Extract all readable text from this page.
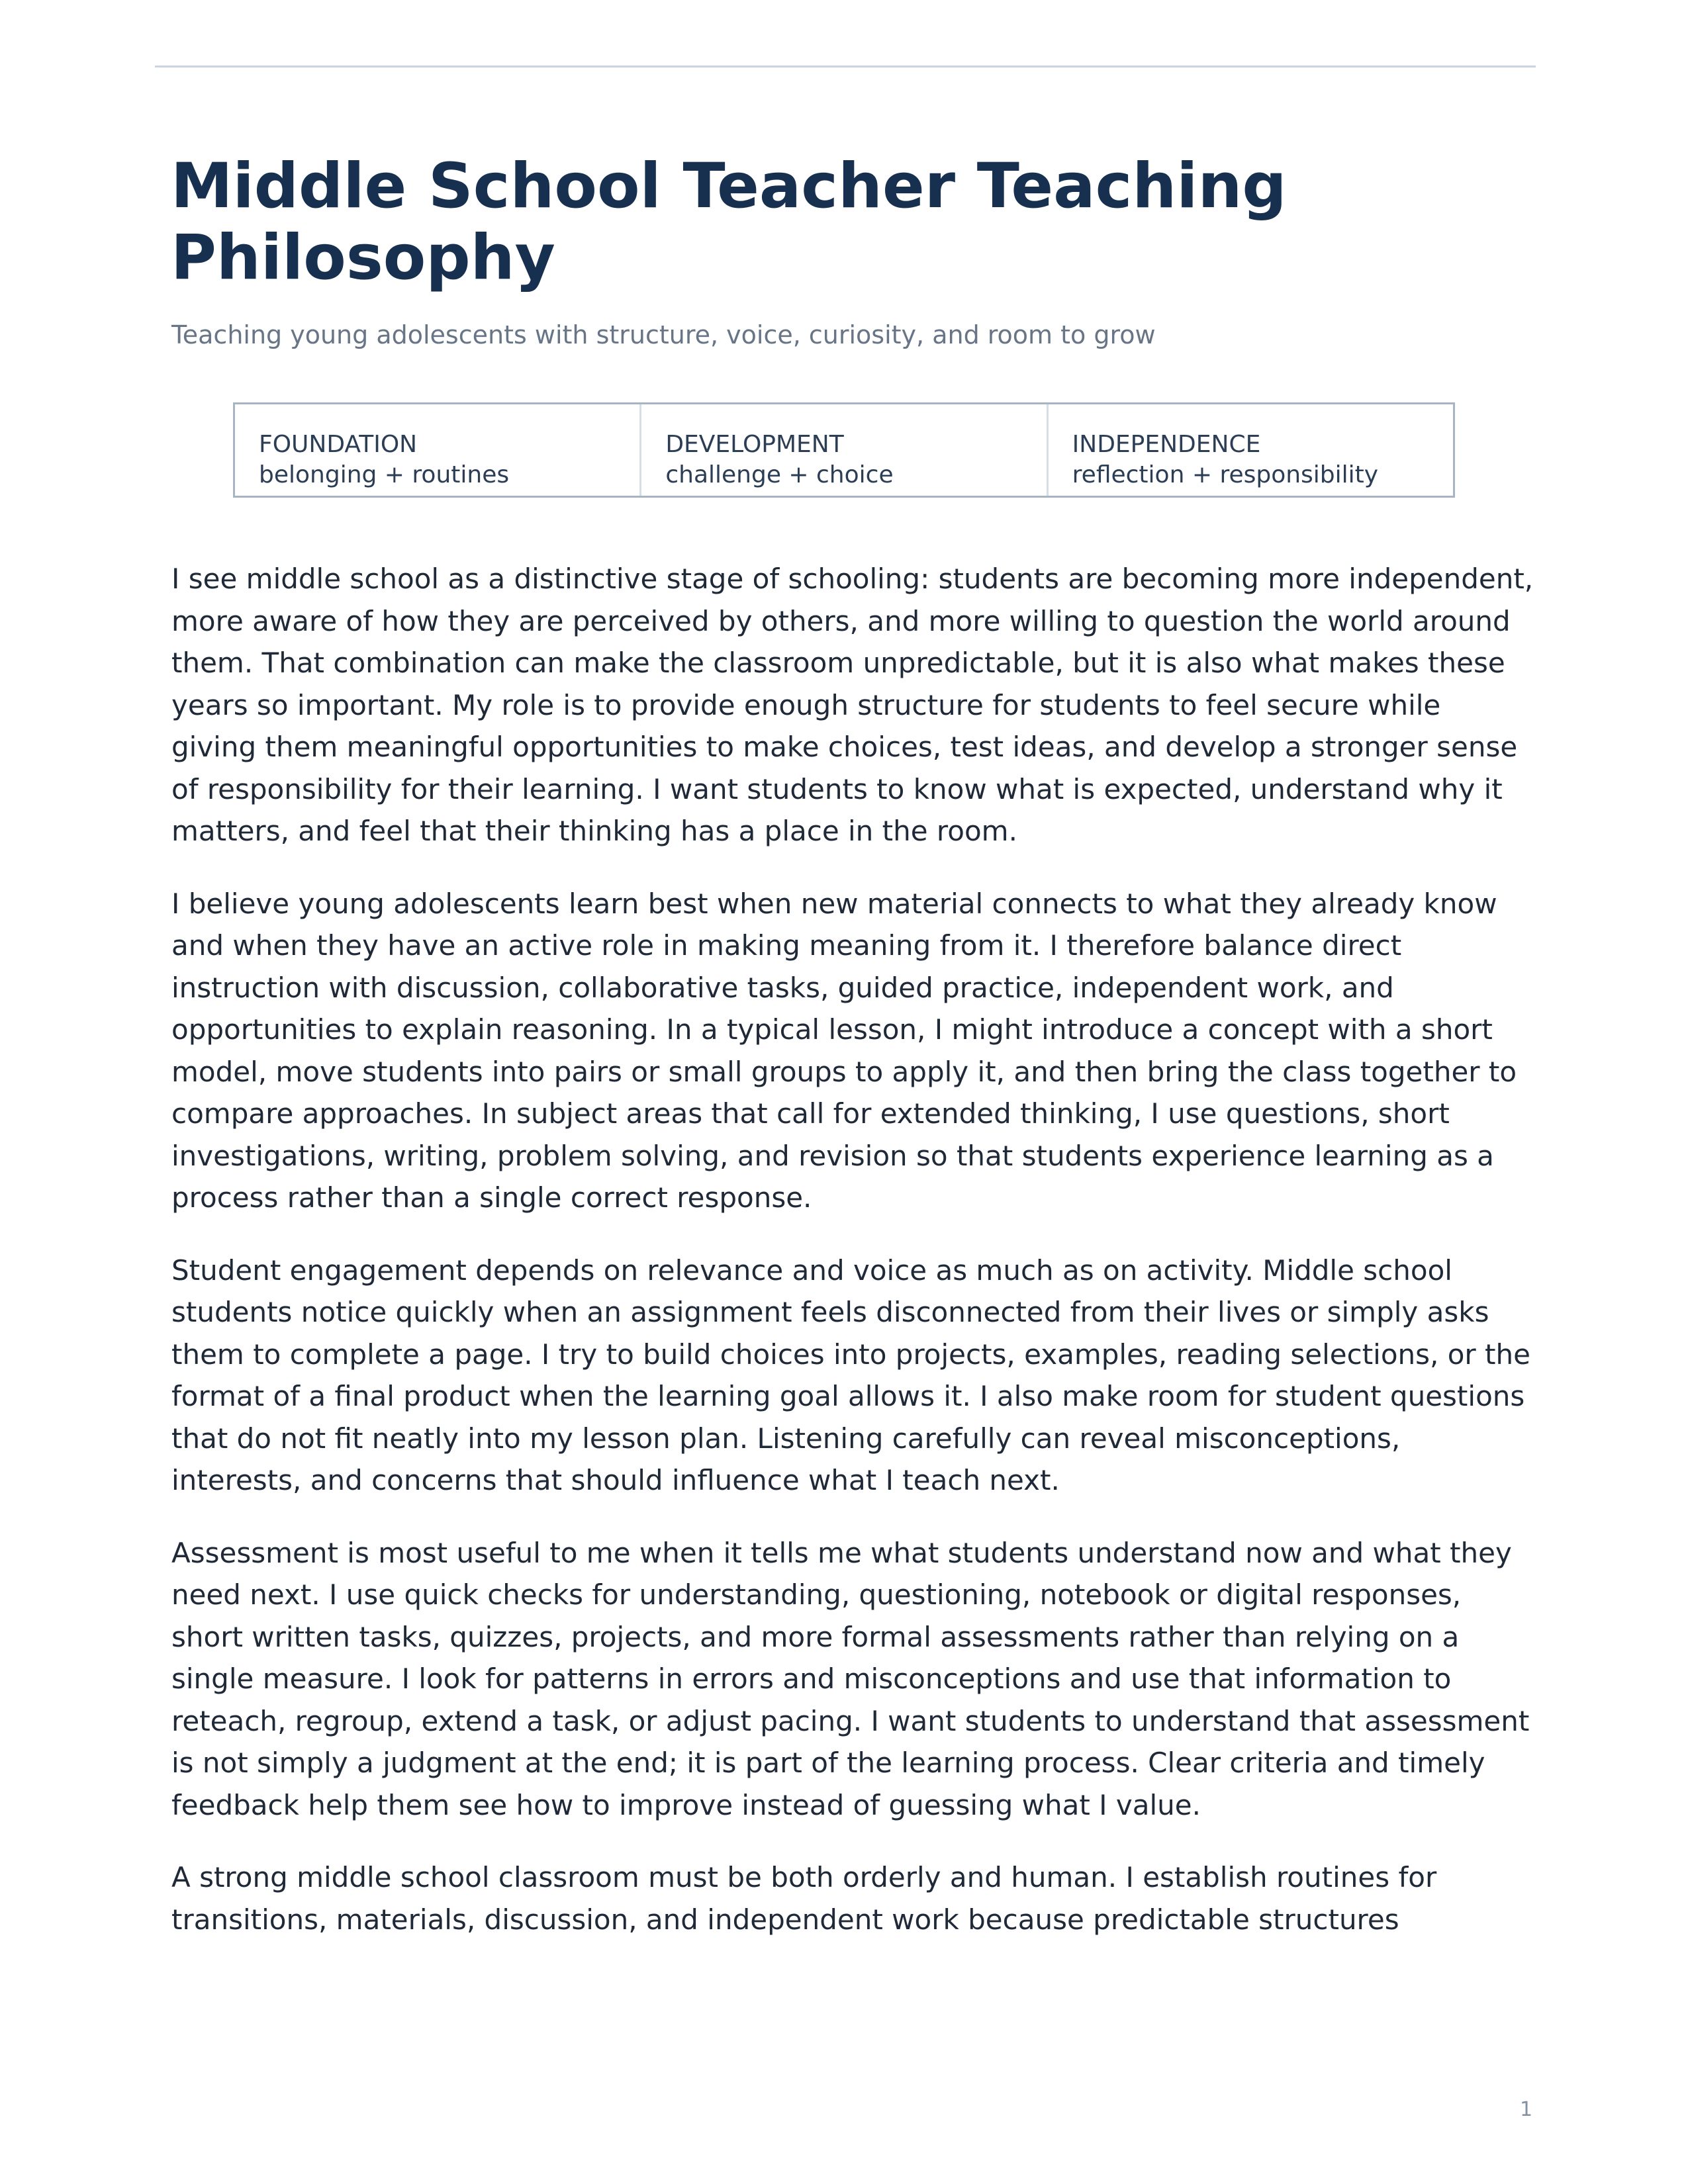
Middle School Teacher Teaching Philosophy

Teaching young adolescents with structure, voice, curiosity, and room to grow

FOUNDATION
belonging + routines
DEVELOPMENT
challenge + choice
INDEPENDENCE
reflection + responsibility

I see middle school as a distinctive stage of schooling: students are becoming more independent, more aware of how they are perceived by others, and more willing to question the world around them. That combination can make the classroom unpredictable, but it is also what makes these years so important. My role is to provide enough structure for students to feel secure while giving them meaningful opportunities to make choices, test ideas, and develop a stronger sense of responsibility for their learning. I want students to know what is expected, understand why it matters, and feel that their thinking has a place in the room.

I believe young adolescents learn best when new material connects to what they already know and when they have an active role in making meaning from it. I therefore balance direct instruction with discussion, collaborative tasks, guided practice, independent work, and opportunities to explain reasoning. In a typical lesson, I might introduce a concept with a short model, move students into pairs or small groups to apply it, and then bring the class together to compare approaches. In subject areas that call for extended thinking, I use questions, short investigations, writing, problem solving, and revision so that students experience learning as a process rather than a single correct response.

Student engagement depends on relevance and voice as much as on activity. Middle school students notice quickly when an assignment feels disconnected from their lives or simply asks them to complete a page. I try to build choices into projects, examples, reading selections, or the format of a final product when the learning goal allows it. I also make room for student questions that do not fit neatly into my lesson plan. Listening carefully can reveal misconceptions, interests, and concerns that should influence what I teach next.

Assessment is most useful to me when it tells me what students understand now and what they need next. I use quick checks for understanding, questioning, notebook or digital responses, short written tasks, quizzes, projects, and more formal assessments rather than relying on a single measure. I look for patterns in errors and misconceptions and use that information to reteach, regroup, extend a task, or adjust pacing. I want students to understand that assessment is not simply a judgment at the end; it is part of the learning process. Clear criteria and timely feedback help them see how to improve instead of guessing what I value.

A strong middle school classroom must be both orderly and human. I establish routines for transitions, materials, discussion, and independent work because predictable structures

1
